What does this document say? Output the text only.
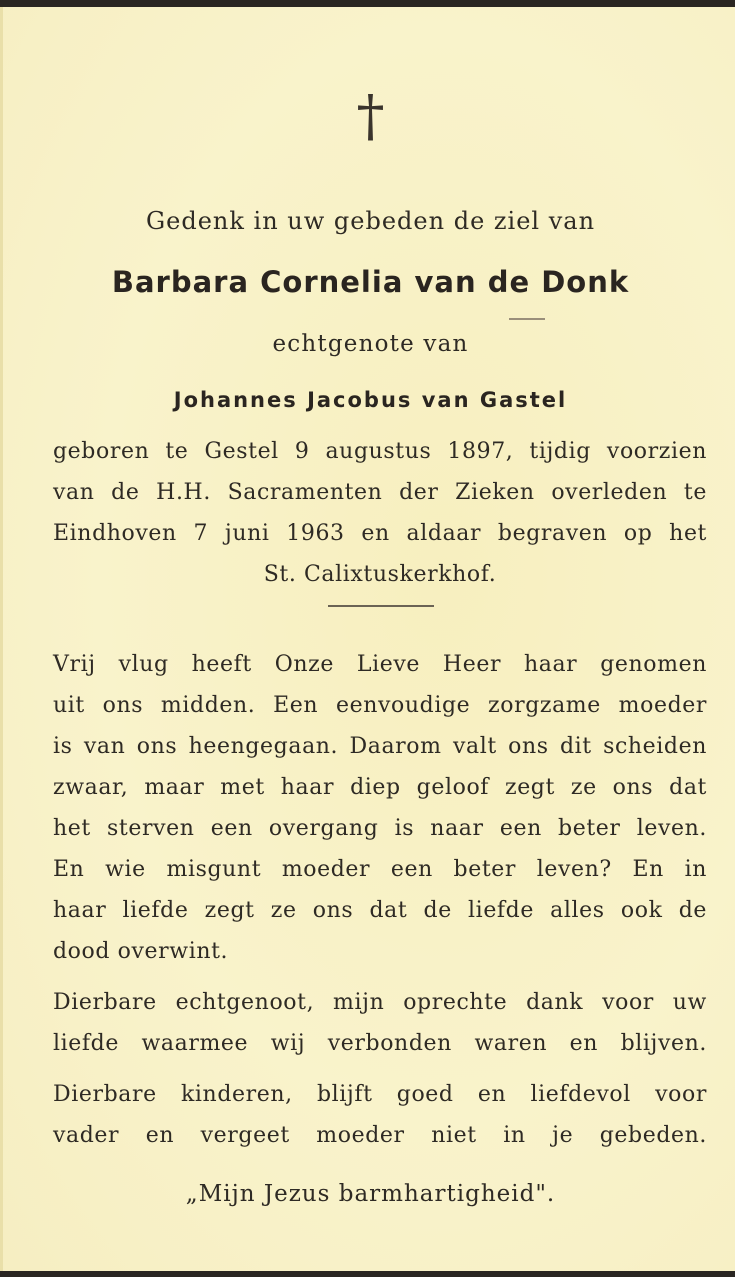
†
Gedenk in uw gebeden de ziel van
Barbara Cornelia van de Donk
echtgenote van
Johannes Jacobus van Gastel
geboren te Gestel 9 augustus 1897, tijdig voorzien
van de H.H. Sacramenten der Zieken overleden te
Eindhoven 7 juni 1963 en aldaar begraven op het
St. Calixtuskerkhof.
Vrij vlug heeft Onze Lieve Heer haar genomen
uit ons midden. Een eenvoudige zorgzame moeder
is van ons heengegaan. Daarom valt ons dit scheiden
zwaar, maar met haar diep geloof zegt ze ons dat
het sterven een overgang is naar een beter leven.
En wie misgunt moeder een beter leven? En in
haar liefde zegt ze ons dat de liefde alles ook de
dood overwint.
Dierbare echtgenoot, mijn oprechte dank voor uw
liefde waarmee wij verbonden waren en blijven.
Dierbare kinderen, blijft goed en liefdevol voor
vader en vergeet moeder niet in je gebeden.
„Mijn Jezus barmhartigheid".
